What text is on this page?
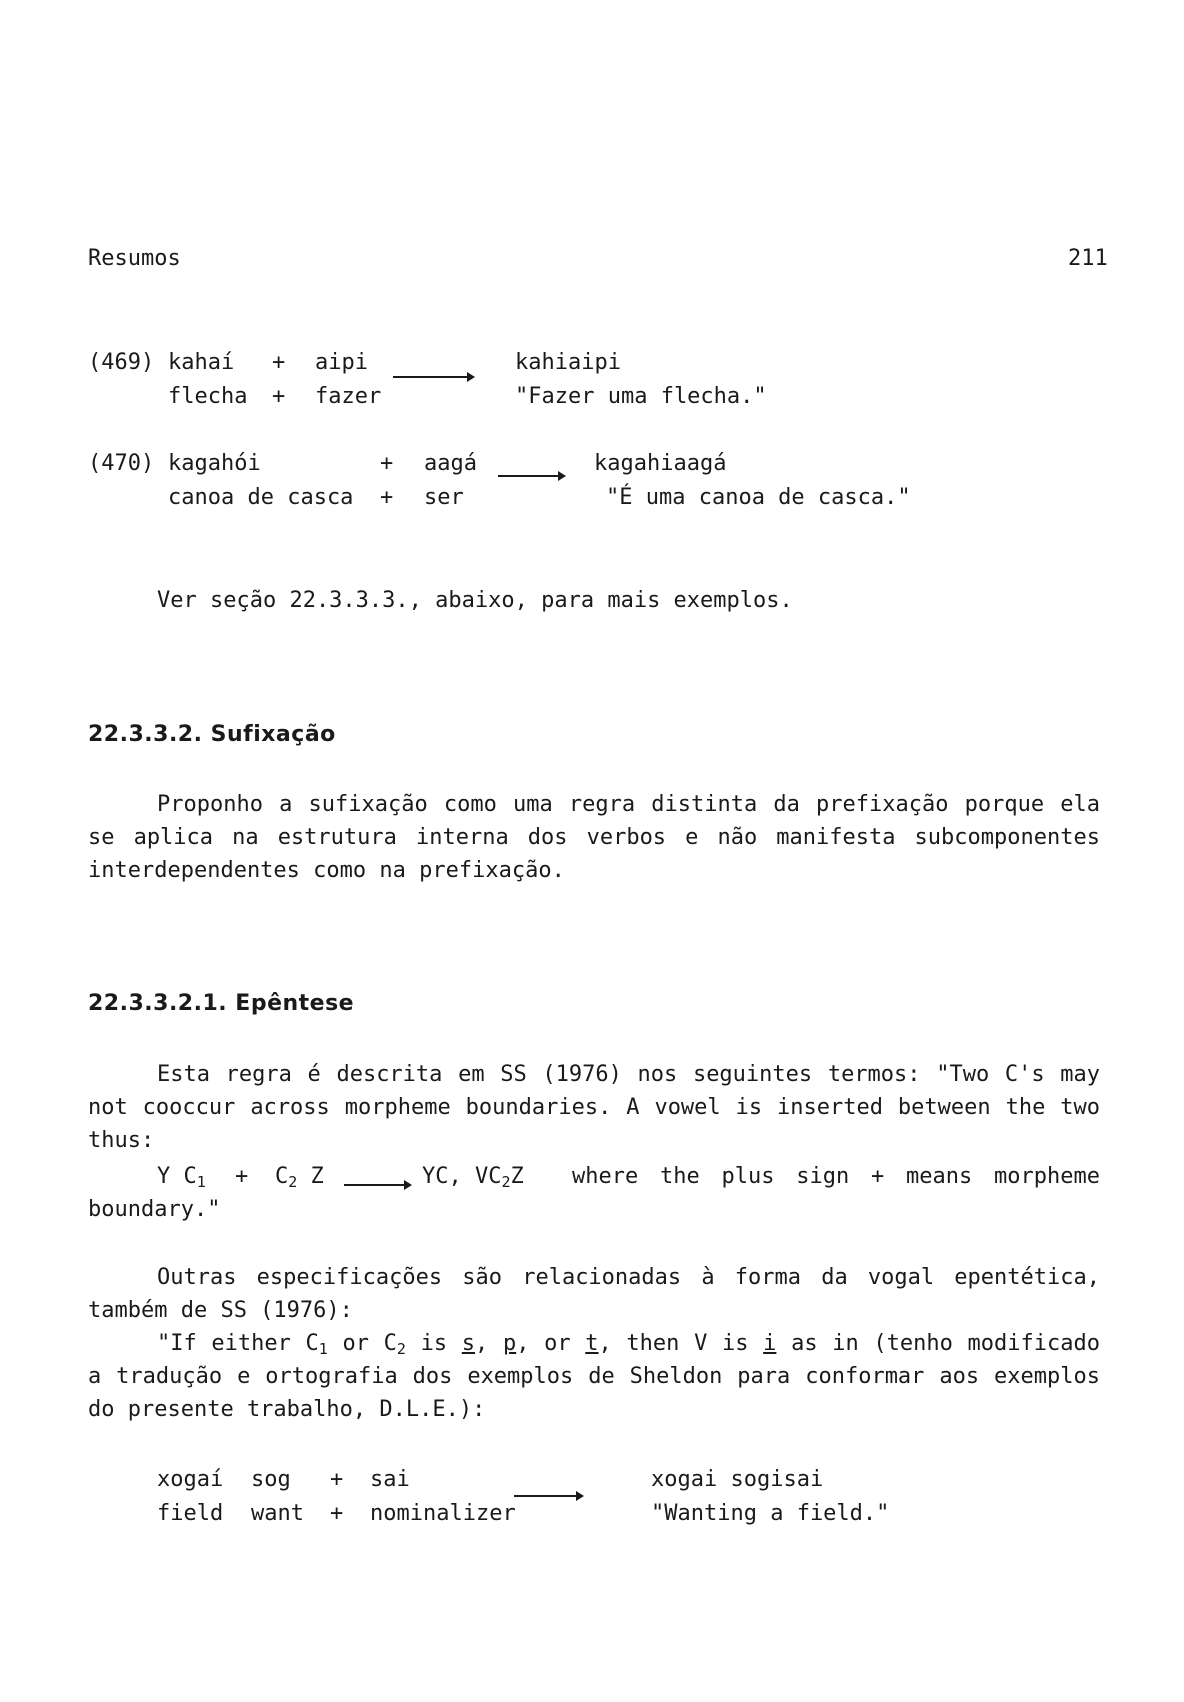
Resumos	211
(469) kahaí + aipi	kahiaipi
flecha + fazer	"Fazer uma flecha."
(470) kagahói	+ aagá	kagahiaagá
canoa de casca + ser	"É uma canoa de casca."
Ver seção 22.3.3.3., abaixo, para mais exemplos.
22.3.3.2. Sufixação
Proponho a sufixação como uma regra distinta da prefixação porque ela
se aplica na estrutura interna dos verbos e não manifesta subcomponentes
interdependentes como na prefixação.
22.3.3.2.1. Epêntese
Esta regra é descrita em SS (1976) nos seguintes termos: "Two C's may
not cooccur across morpheme boundaries. A vowel is inserted between the two
thus:
Y $C_1 + C_2$ Z	YC, $VC_2Z$ where the plus sign + means morpheme
boundary."
Outras especificações são relacionadas à forma da vogal epentética,
também de SS (1976):
"If either $C_1$ or $C_2$ is s, p, or t, then V is i as in (tenho modificado
a tradução e ortografia dos exemplos de Sheldon para conformar aos exemplos
do presente trabalho, D.L.E.):
xogaí sog + sai	xogai sogisai
field want + nominalizer	"Wanting a field."
